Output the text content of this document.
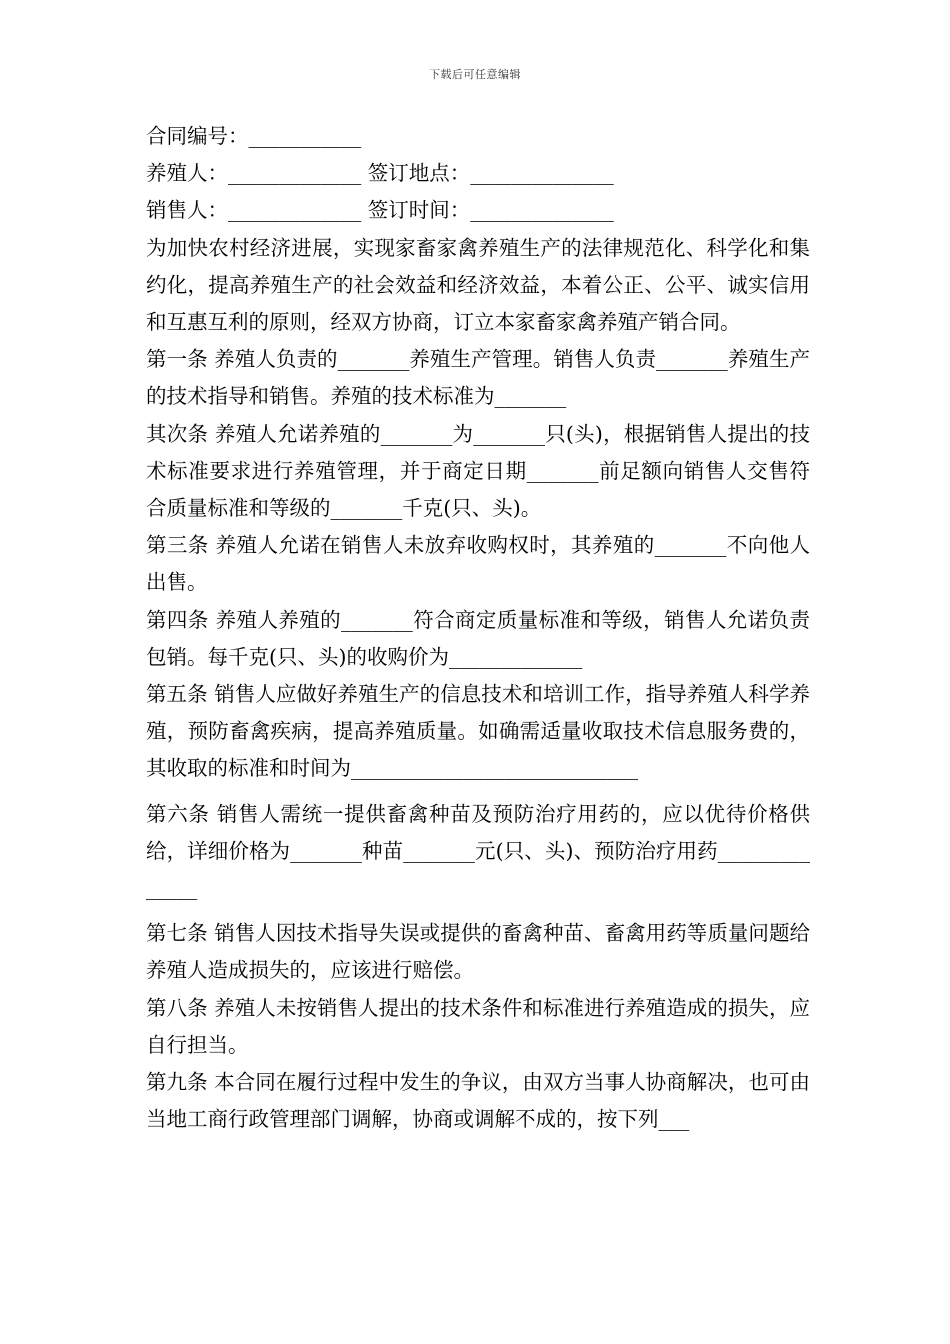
下载后可任意编辑

合同编号：___________

养殖人：_____________ 签订地点：______________

销售人：_____________ 签订时间：______________

为加快农村经济进展，实现家畜家禽养殖生产的法律规范化、科学化和集约化，提高养殖生产的社会效益和经济效益，本着公正、公平、诚实信用和互惠互利的原则，经双方协商，订立本家畜家禽养殖产销合同。

第一条 养殖人负责的_______养殖生产管理。销售人负责_______养殖生产的技术指导和销售。养殖的技术标准为_______

其次条 养殖人允诺养殖的_______为_______只(头)，根据销售人提出的技术标准要求进行养殖管理，并于商定日期_______前足额向销售人交售符合质量标准和等级的_______千克(只、头)。

第三条 养殖人允诺在销售人未放弃收购权时，其养殖的_______不向他人出售。

第四条 养殖人养殖的_______符合商定质量标准和等级，销售人允诺负责包销。每千克(只、头)的收购价为_____________

第五条 销售人应做好养殖生产的信息技术和培训工作，指导养殖人科学养殖，预防畜禽疾病，提高养殖质量。如确需适量收取技术信息服务费的，其收取的标准和时间为____________________________

第六条 销售人需统一提供畜禽种苗及预防治疗用药的，应以优待价格供给，详细价格为_______种苗_______元(只、头)、预防治疗用药______________

第七条 销售人因技术指导失误或提供的畜禽种苗、畜禽用药等质量问题给养殖人造成损失的，应该进行赔偿。

第八条 养殖人未按销售人提出的技术条件和标准进行养殖造成的损失，应自行担当。

第九条 本合同在履行过程中发生的争议，由双方当事人协商解决，也可由当地工商行政管理部门调解，协商或调解不成的，按下列___
